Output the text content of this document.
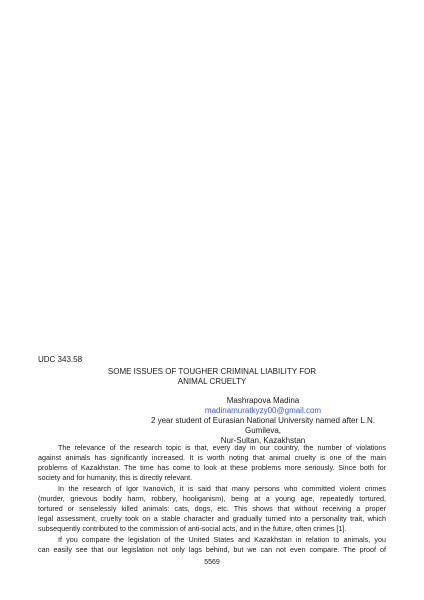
UDC 343.58
SOME ISSUES OF TOUGHER CRIMINAL LIABILITY FOR
ANIMAL CRUELTY
Mashrapova Madina
madinamuratkyzy00@gmail.com
2 year student of Eurasian National University named after L.N. Gumileva,
Nur-Sultan, Kazakhstan
The relevance of the research topic is that, every day in our country, the number of violations
against animals has significantly increased. It is worth noting that animal cruelty is one of the main
problems of Kazakhstan. The time has come to look at these problems more seriously. Since both for
society and for humanity, this is directly relevant.
In the research of Igor Ivanovich, it is said that many persons who committed violent crimes
(murder, grievous bodily harm, robbery, hooliganism), being at a young age, repeatedly tortured,
tortured or senselessly killed animals: cats, dogs, etc. This shows that without receiving a proper
legal assessment, cruelty took on a stable character and gradually turned into a personality trait, which
subsequently contributed to the commission of anti-social acts, and in the future, often crimes [1].
If you compare the legislation of the United States and Kazakhstan in relation to animals, you
can easily see that our legislation not only lags behind, but we can not even compare. The proof of
5569
